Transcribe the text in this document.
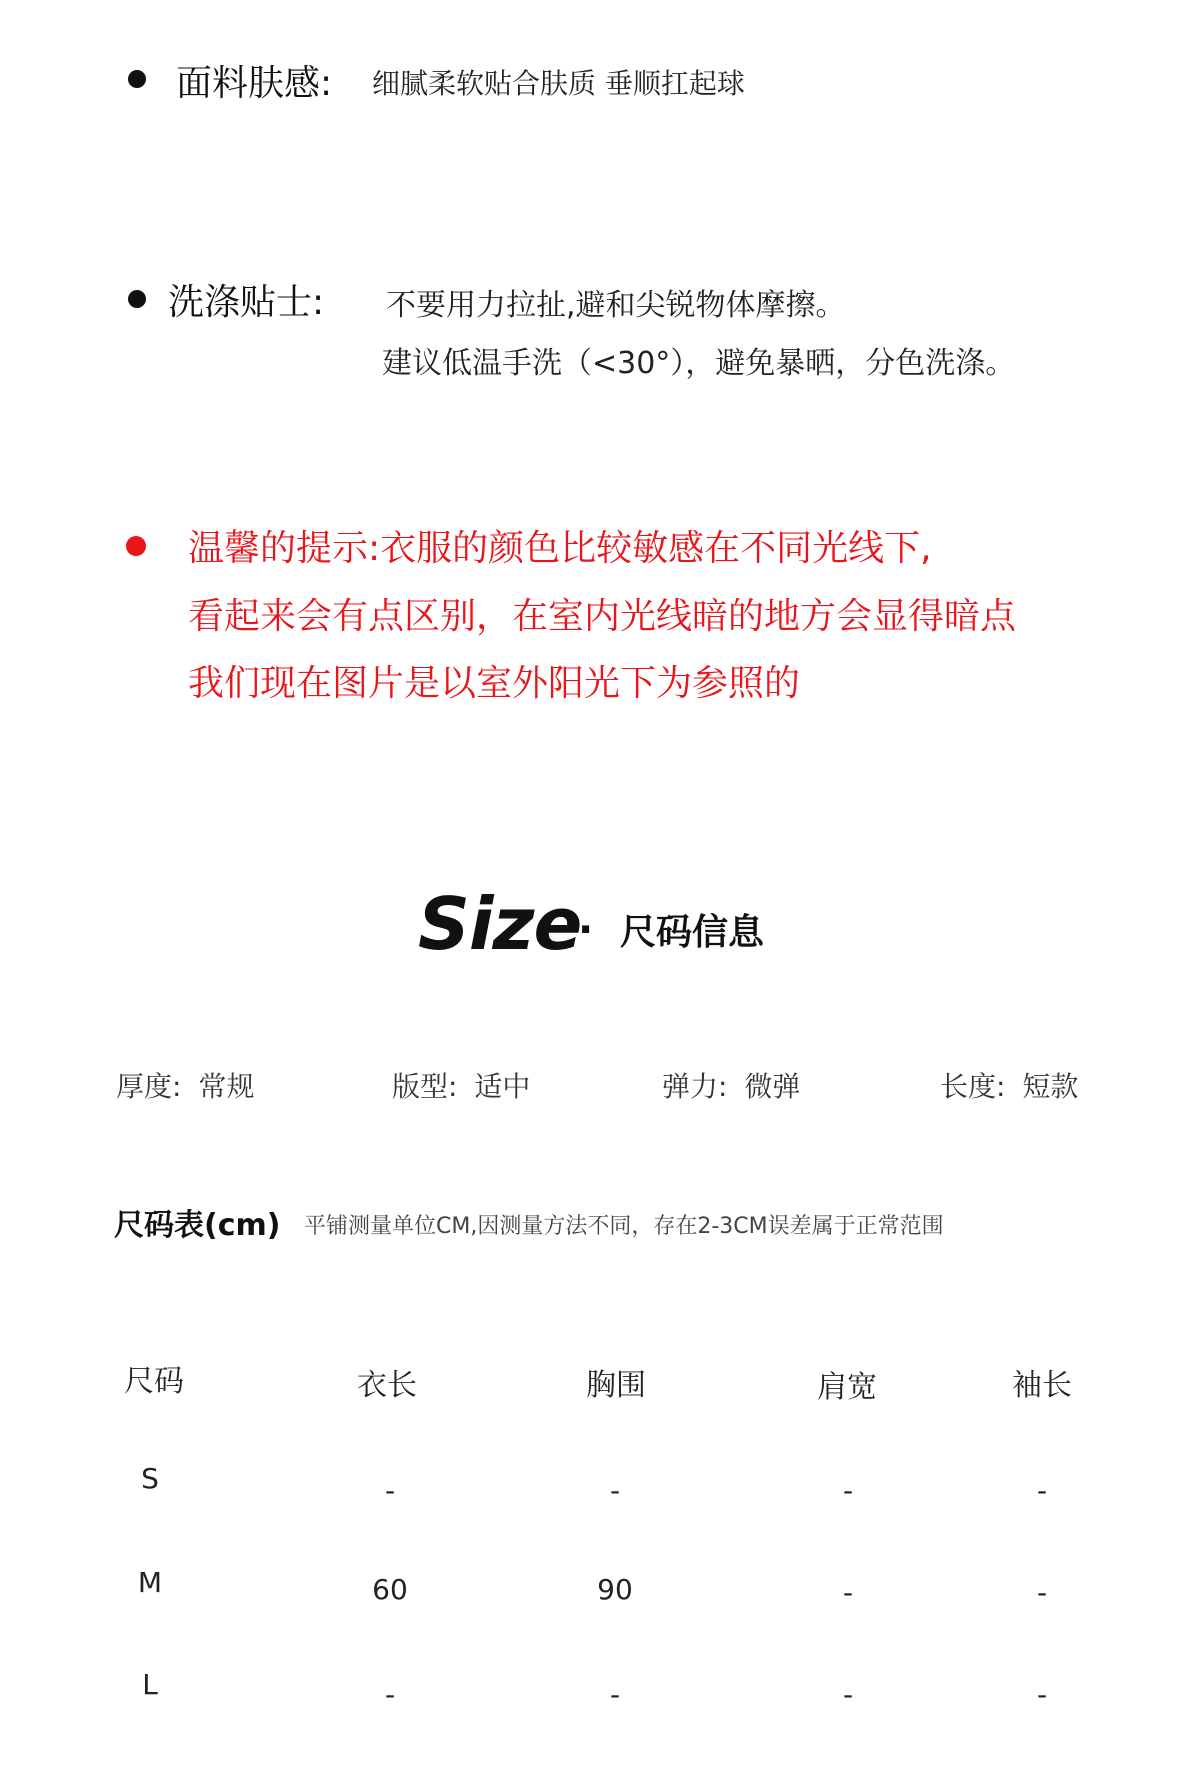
面料肤感: 细腻柔软贴合肤质 垂顺扛起球
洗涤贴士: 不要用力拉扯,避和尖锐物体摩擦。
建议低温手洗（<30°），避免暴晒，分色洗涤。
温馨的提示:衣服的颜色比较敏感在不同光线下,
看起来会有点区别，在室内光线暗的地方会显得暗点
我们现在图片是以室外阳光下为参照的
Size
· 尺码信息
厚度: 常规	版型: 适中	弹力: 微弹	长度: 短款
尺码表(cm) 平铺测量单位CM,因测量方法不同，存在2-3CM误差属于正常范围
尺码	衣长	胸围	肩宽	袖长
S	-	-	-	-
M	60	90	-	-
L	-	-	-	-
